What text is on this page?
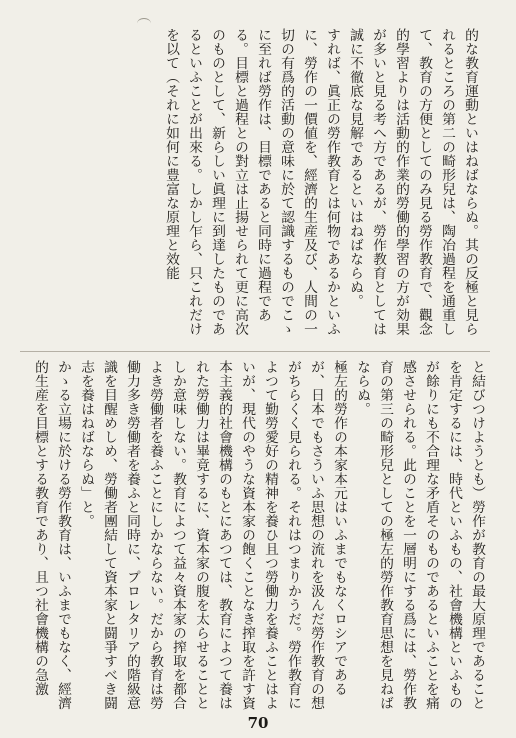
的な教育運動といはねばならぬ。其の反極と見られるところの第二の畸形兒は、陶冶過程を通重して、教育の方便としてのみ見る勞作教育で、觀念的學習よりは活動的作業的勞働的學習の方が効果が多いと見る考へ方であるが、勞作教育としては誠に不徹底な見解であるといはねばならぬ。
すれば、眞正の勞作教育とは何物であるかといふに、勞作の一價値を、經濟的生産及び、人間の一切の有爲的活動の意味に於て認識するものでこゝに至れば勞作は、目標であると同時に過程である。目標と過程との對立は止揚せられて更に高次のものとして、新らしい眞理に到達したものであるといふことが出來る。しかし乍ら、只これだけを以て（それに如何に豊富な原理と效能
と結びつけようとも）勞作が教育の最大原理であることを肯定するには、時代といふもの、社會機構といふものが餘りにも不合理な矛盾そのものであるといふことを痛感させられる。此のことを一層明にする爲には、勞作教育の第三の畸形兒としての極左的勞作教育思想を見ねばならぬ。
極左的勞作の本家本元はいふまでもなくロシアであるが、日本でもさういふ思想の流れを汲んだ勞作教育の想がちらくく見られる。それはつまりかうだ。勞作教育によつて勤勞愛好の精神を養ひ且つ勞働力を養ふことはよいが、現代のやうな資本家の飽くことなき搾取を許す資本主義的社會機構のもとにあつては、教育によつて養はれた勞働力は畢竟するに、資本家の腹を太らせることとしか意味しない。教育によつて益々資本家の搾取を都合よき勞働者を養ふことにしかならない。だから教育は勞働力多き勞働者を養ふと同時に、プロレタリア的階級意識を目醒めしめ、勞働者團結して資本家と闘爭すべき闘志を養はねばならぬ」と。
かゝる立場に於ける勞作教育は、いふまでもなく、經濟的生産を目標とする教育であり、且つ社會機構の急激
70
